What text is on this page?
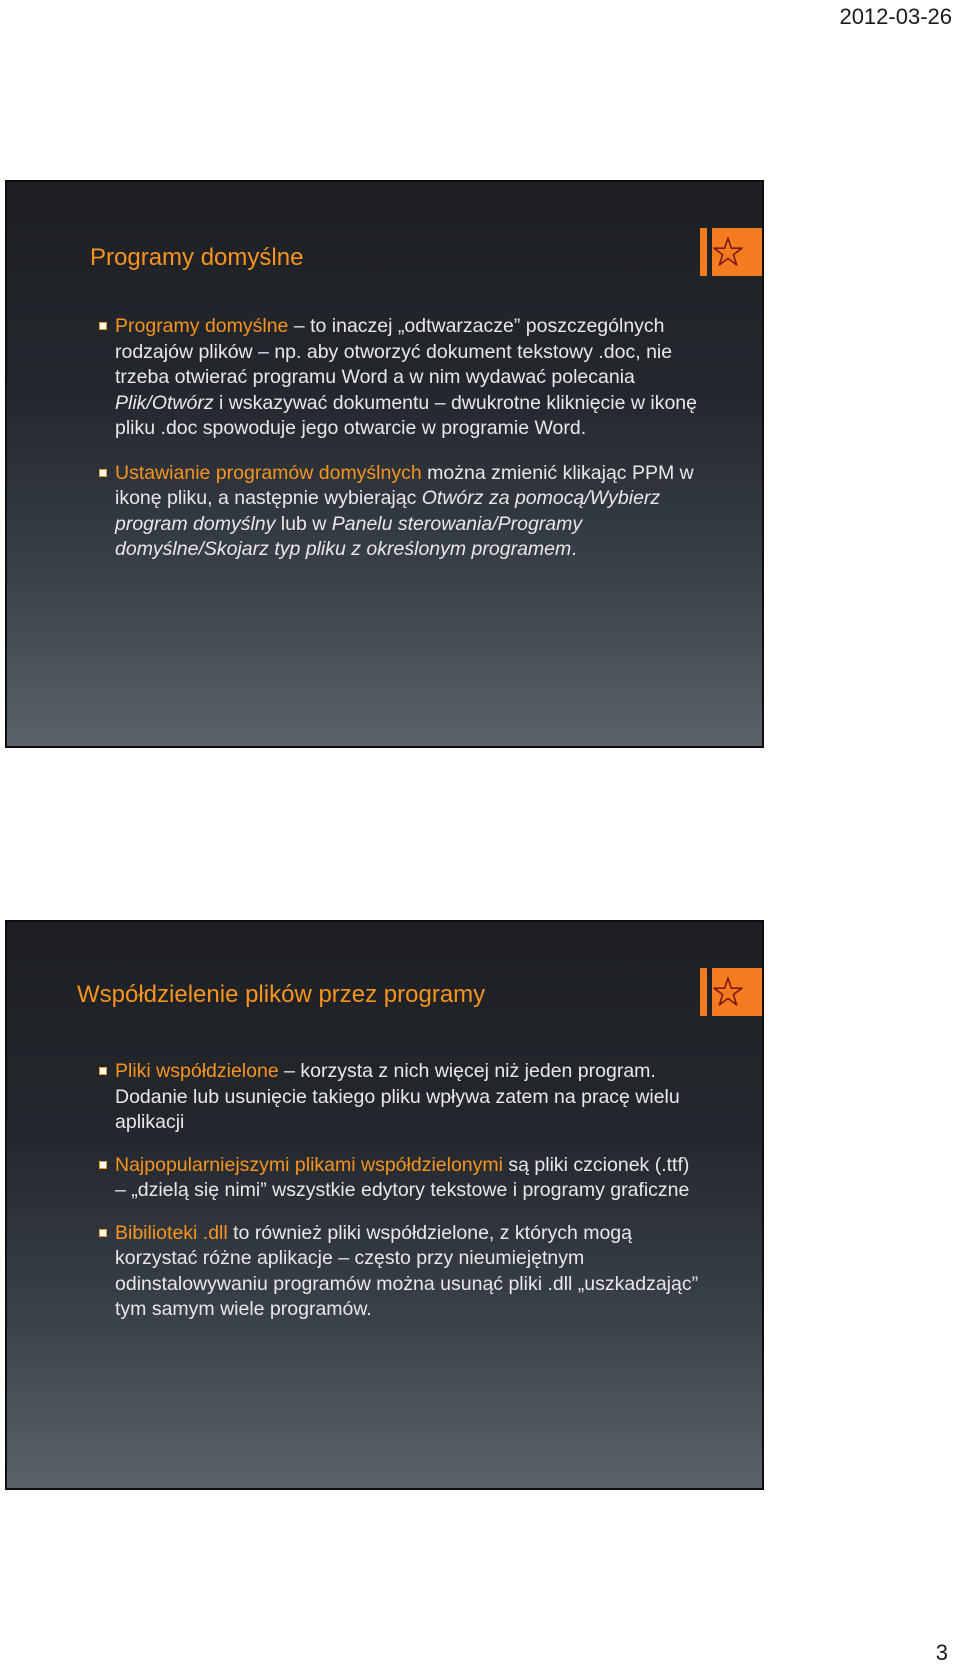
2012-03-26
Programy domyślne
Programy domyślne – to inaczej „odtwarzacze” poszczególnych rodzajów plików – np. aby otworzyć dokument tekstowy .doc, nie trzeba otwierać programu Word a w nim wydawać polecania Plik/Otwórz i wskazywać dokumentu – dwukrotne kliknięcie w ikonę pliku .doc spowoduje jego otwarcie w programie Word.
Ustawianie programów domyślnych można zmienić klikając PPM w ikonę pliku, a następnie wybierając Otwórz za pomocą/Wybierz program domyślny lub w Panelu sterowania/Programy domyślne/Skojarz typ pliku z określonym programem.
Współdzielenie plików przez programy
Pliki współdzielone – korzysta z nich więcej niż jeden program. Dodanie lub usunięcie takiego pliku wpływa zatem na pracę wielu aplikacji
Najpopularniejszymi plikami współdzielonymi są pliki czcionek (.ttf) – „dzielą się nimi” wszystkie edytory tekstowe i programy graficzne
Bibilioteki .dll to również pliki współdzielone, z których mogą korzystać różne aplikacje – często przy nieumiejętnym odinstalowywaniu programów można usunąć pliki .dll „uszkadzając” tym samym wiele programów.
3
